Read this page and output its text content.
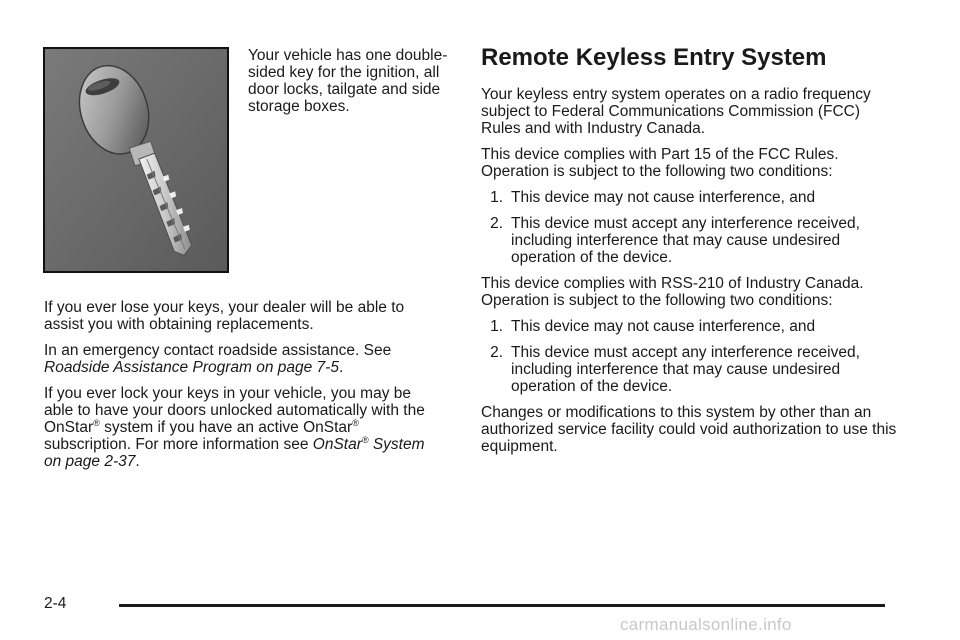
Your vehicle has one double-sided key for the ignition, all door locks, tailgate and side storage boxes.

If you ever lose your keys, your dealer will be able to assist you with obtaining replacements.

In an emergency contact roadside assistance. See Roadside Assistance Program on page 7-5.

If you ever lock your keys in your vehicle, you may be able to have your doors unlocked automatically with the OnStar® system if you have an active OnStar® subscription. For more information see OnStar® System on page 2-37.

Remote Keyless Entry System

Your keyless entry system operates on a radio frequency subject to Federal Communications Commission (FCC) Rules and with Industry Canada.

This device complies with Part 15 of the FCC Rules. Operation is subject to the following two conditions:

1. This device may not cause interference, and
2. This device must accept any interference received, including interference that may cause undesired operation of the device.

This device complies with RSS-210 of Industry Canada. Operation is subject to the following two conditions:

1. This device may not cause interference, and
2. This device must accept any interference received, including interference that may cause undesired operation of the device.

Changes or modifications to this system by other than an authorized service facility could void authorization to use this equipment.

2-4
carmanualsonline.info
